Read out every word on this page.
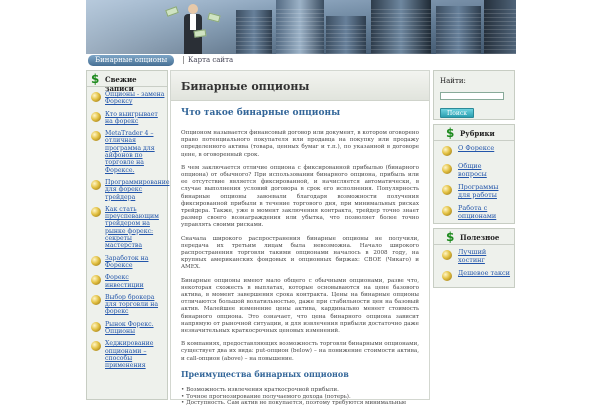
Бинарные опционы	Карта сайта
$ Свежие записи
Опционы - замена Форексу
Кто выигрывает на форекс
MetaTrader 4 – отличная программа для айфонов по торговле на Форексе.
Программирование для форекс трейдера
Как стать преуспевающим трейдером на рынке форекс: секреты мастерства
Заработок на Форексе
Форекс инвестиции
Выбор брокера для торговли на форекс
Рынок Форекс. Опционы
Хеджирование опционами – способы применения
Бинарные опционы
Что такое бинарные опционы

Опционом называется финансовый договор или документ, в котором оговорено право потенциального покупателя или продавца на покупку или продажу определенного актива (товара, ценных бумаг и т.п.), по указанной в договоре цене, в оговоренный срок.

В чем заключается отличие опциона с фиксированной прибылью (бинарного опциона) от обычного? При использовании бинарного опциона, прибыль или ее отсутствие является фиксированной, и начисляется автоматически, в случае выполнения условий договора в срок его исполнения. Популярность бинарные опционы завоевали благодаря возможности получения фиксированной прибыли в течение торгового дня, при минимальных рисках трейдера. Также, уже в момент заключения контракта, трейдер точно знает размер своего вознаграждения или убытка, что позволяет более точно управлять своими рисками.

Сначала широкого распространения бинарные опционы не получили, передача их третьим лицам была невозможна. Начало широкого распространения торговли такими опционами началось в 2008 году, на крупных американских фондовых и опционных биржах: CBOE (Чикаго) и AMEX.

Бинарные опционы имеют мало общего с обычными опционами, разве что, некоторая схожесть в выплатах, которые основываются на цене базового актива, в момент завершения срока контракта. Цены на бинарные опционы отличаются большой волатильностью, даже при стабильности цен на базовый актив. Малейшее изменение цены актива, кардинально менеет стоимость бинарного опциона. Это означает, что цена бинарного опциона зависит напрямую от рыночной ситуации, и для извлечения прибыли достаточно даже незначительных краткосрочных ценовых изменений.

В компаниях, предоставляющих возможность торговли бинарными опционами, существует два их вида: put-опцион (below) – на понижение стоимости актива, и call-опцион (above) – на повышение.

Преимущества бинарных опционов
• Возможность извлечения краткосрочной прибыли.
• Точное прогнозирование получаемого дохода (потерь).
• Доступность. Сам актив не покупается, поэтому требуются минимальные
Найти:
Поиск
$ Рубрики
О Форексе
Общие вопросы
Программы для работы
Работа с опционами
$ Полезное
Лучший хостинг
Дешевое такси
